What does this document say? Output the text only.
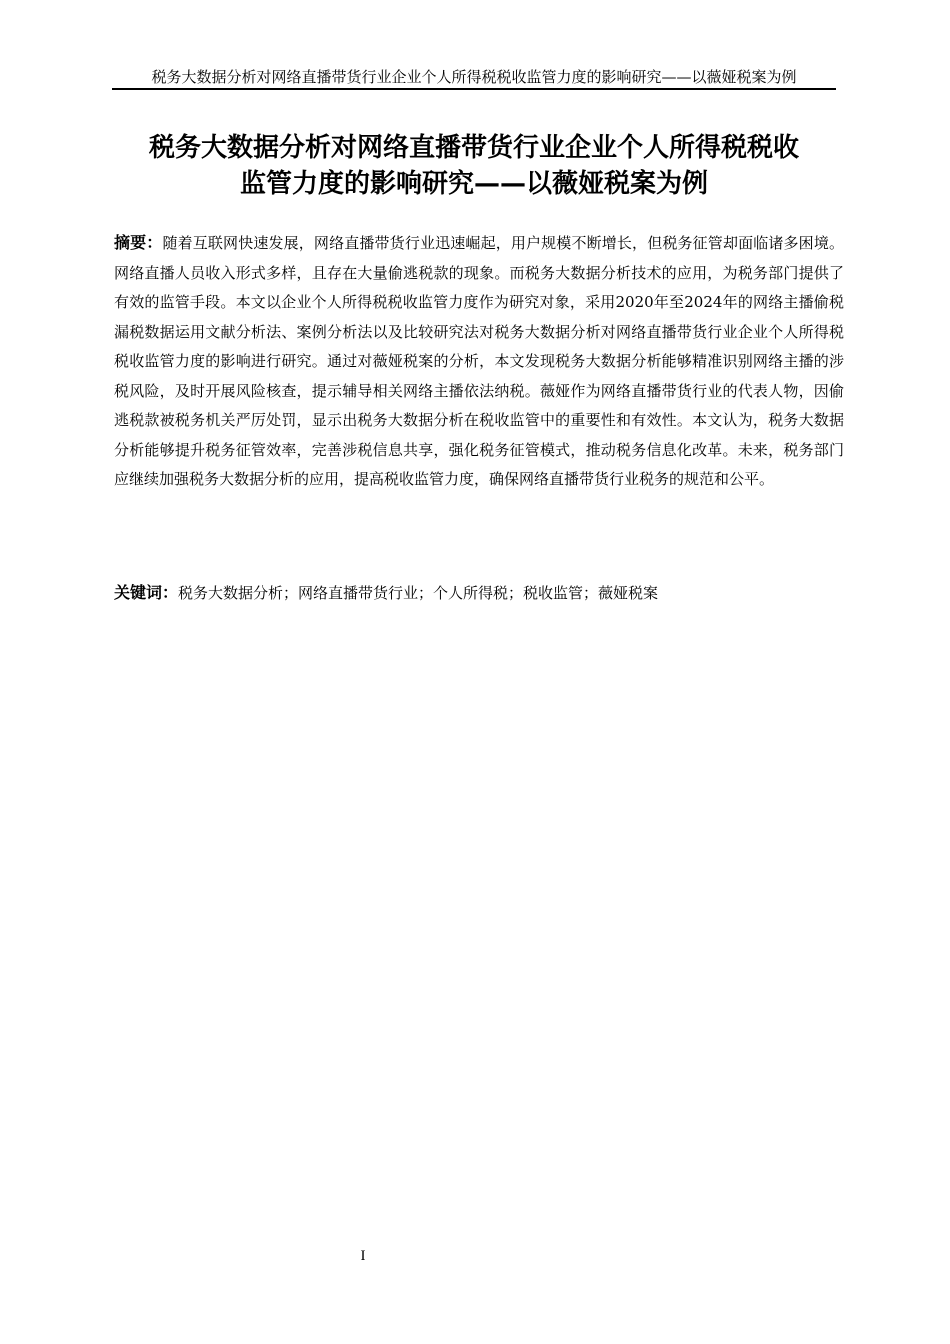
税务大数据分析对网络直播带货行业企业个人所得税税收监管力度的影响研究——以薇娅税案为例
税务大数据分析对网络直播带货行业企业个人所得税税收
监管力度的影响研究——以薇娅税案为例

摘要：随着互联网快速发展，网络直播带货行业迅速崛起，用户规模不断增长，但税务征管却面临诸多困境。网络直播人员收入形式多样，且存在大量偷逃税款的现象。而税务大数据分析技术的应用，为税务部门提供了有效的监管手段。本文以企业个人所得税税收监管力度作为研究对象，采用2020年至2024年的网络主播偷税漏税数据运用文献分析法、案例分析法以及比较研究法对税务大数据分析对网络直播带货行业企业个人所得税税收监管力度的影响进行研究。通过对薇娅税案的分析，本文发现税务大数据分析能够精准识别网络主播的涉税风险，及时开展风险核查，提示辅导相关网络主播依法纳税。薇娅作为网络直播带货行业的代表人物，因偷逃税款被税务机关严厉处罚，显示出税务大数据分析在税收监管中的重要性和有效性。本文认为，税务大数据分析能够提升税务征管效率，完善涉税信息共享，强化税务征管模式，推动税务信息化改革。未来，税务部门应继续加强税务大数据分析的应用，提高税收监管力度，确保网络直播带货行业税务的规范和公平。

关键词：税务大数据分析；网络直播带货行业；个人所得税；税收监管；薇娅税案

I
